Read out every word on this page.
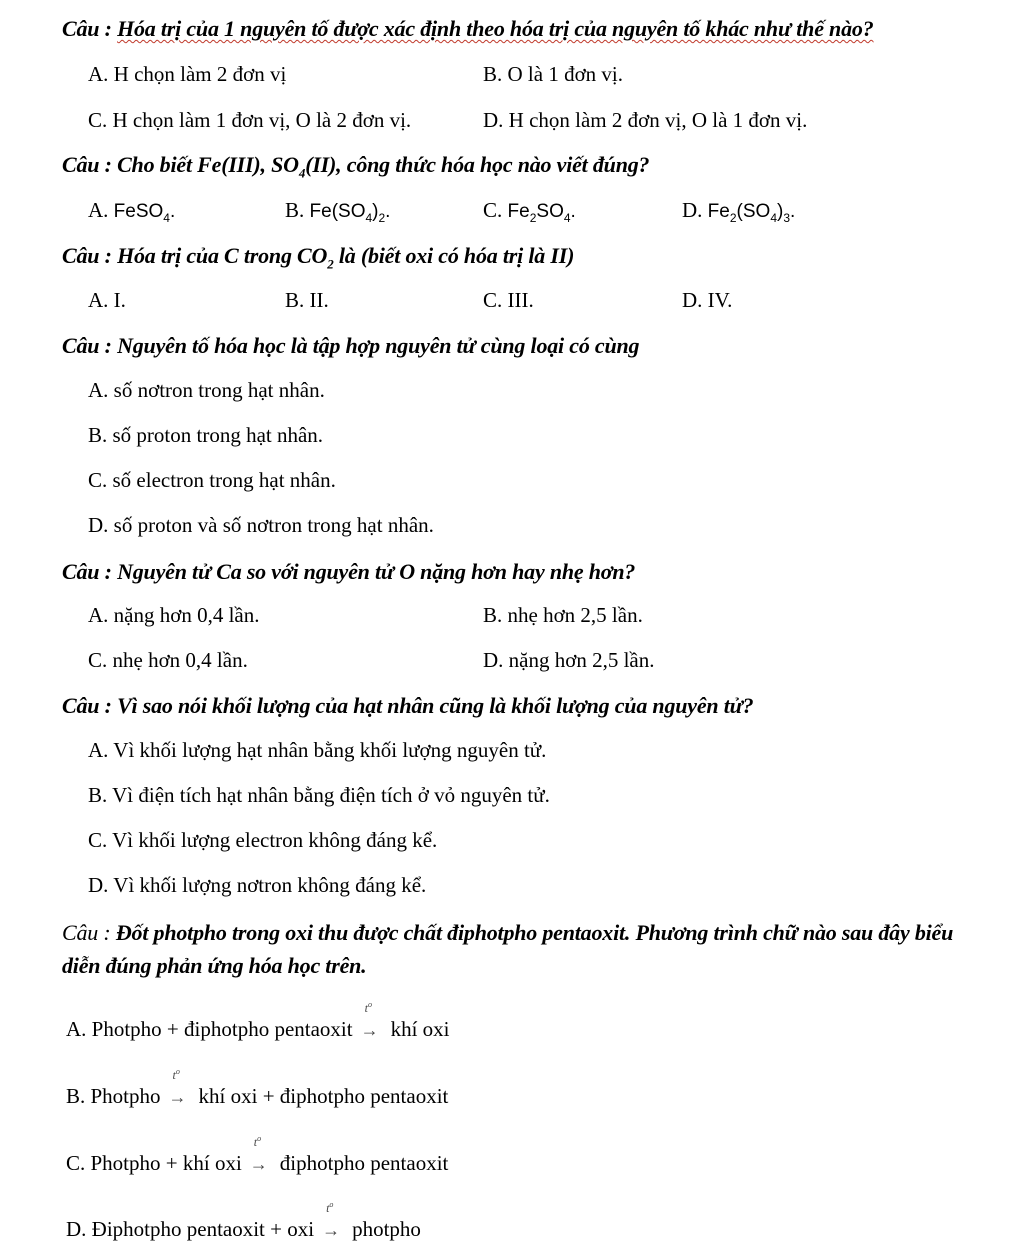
Câu : Hóa trị của 1 nguyên tố được xác định theo hóa trị của nguyên tố khác như thế nào?
A. H chọn làm 2 đơn vị	B. O là 1 đơn vị.
C. H chọn làm 1 đơn vị, O là 2 đơn vị.	D. H chọn làm 2 đơn vị, O là 1 đơn vị.
Câu : Cho biết Fe(III), $SO_4(II)$, công thức hóa học nào viết đúng?
A. FeSO$_4$.	B. $Fe(SO_4)_2$.	C. $Fe_2SO_4$.	D. $Fe_2(SO_4)_3$.
Câu : Hóa trị của C trong $CO_2$ là (biết oxi có hóa trị là II)
A. I.	B. II.	C. III.	D. IV.
Câu : Nguyên tố hóa học là tập hợp nguyên tử cùng loại có cùng
A. số nơtron trong hạt nhân.
B. số proton trong hạt nhân.
C. số electron trong hạt nhân.
D. số proton và số nơtron trong hạt nhân.
Câu : Nguyên tử Ca so với nguyên tử O nặng hơn hay nhẹ hơn?
A. nặng hơn 0,4 lần.	B. nhẹ hơn 2,5 lần.
C. nhẹ hơn 0,4 lần.	D. nặng hơn 2,5 lần.
Câu : Vì sao nói khối lượng của hạt nhân cũng là khối lượng của nguyên tử?
A. Vì khối lượng hạt nhân bằng khối lượng nguyên tử.
B. Vì điện tích hạt nhân bằng điện tích ở vỏ nguyên tử.
C. Vì khối lượng electron không đáng kể.
D. Vì khối lượng nơtron không đáng kể.
Câu : Đốt photpho trong oxi thu được chất điphotpho pentaoxit. Phương trình chữ nào sau đây biểu diễn đúng phản ứng hóa học trên.
A. Photpho + điphotpho pentaoxit
$t^o$
→ khí oxi
B. Photpho
$t^o$
→ khí oxi + điphotpho pentaoxit
C. Photpho + khí oxi
$t^o$
→ điphotpho pentaoxit
D. Điphotpho pentaoxit + oxi
$t^o$
→ photpho
